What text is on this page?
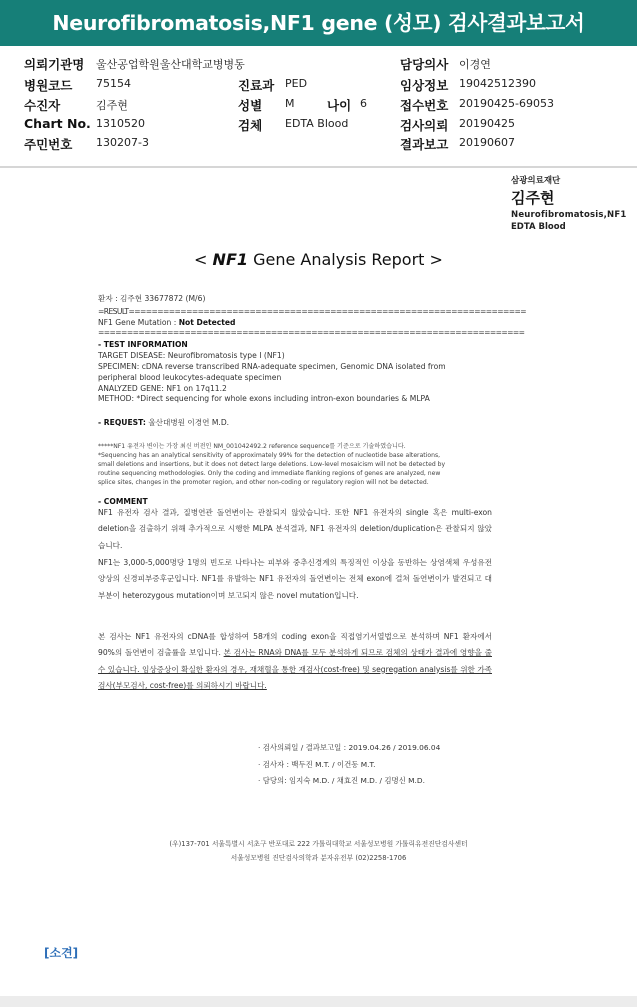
Neurofibromatosis,NF1 gene (성모) 검사결과보고서
의뢰기관명 울산공업학원울산대학교병병동	담당의사 이경연
병원코드 75154	진료과 PED	임상정보 19042512390
수진자	김주현	성별 M	나이 6	접수번호 20190425-69053
Chart No. 1310520	검체 EDTA Blood	검사의뢰 20190425
주민번호 130207-3	결과보고 20190607
삼광의료재단
김주현
Neurofibromatosis,NF1
EDTA Blood
< NF1 Gene Analysis Report >
환자 : 김주현 33677872 (M/6)
=RESULT=====================================================================
NF1 Gene Mutation : Not Detected
==========================================================================
- TEST INFORMATION
TARGET DISEASE: Neurofibromatosis type I (NF1)
SPECIMEN: cDNA reverse transcribed RNA-adequate specimen, Genomic DNA isolated from
peripheral blood leukocytes-adequate specimen
ANALYZED GENE: NF1 on 17q11.2
METHOD: *Direct sequencing for whole exons including intron-exon boundaries & MLPA
- REQUEST: 울산대병원 이경연 M.D.
*****NF1 유전자 변이는 가장 최신 버전인 NM_001042492.2 reference sequence를 기준으로 기술하였습니다.
*Sequencing has an analytical sensitivity of approximately 99% for the detection of nucleotide base alterations,
small deletions and insertions, but it does not detect large deletions. Low-level mosaicism will not be detected by
routine sequencing methodologies. Only the coding and immediate flanking regions of genes are analyzed, new
splice sites, changes in the promoter region, and other non-coding or regulatory region will not be detected.
- COMMENT

NF1 유전자 검사 결과, 질병연관 돌연변이는 관찰되지 않았습니다. 또한 NF1 유전자의 single 혹은 multi-exon deletion을 검출하기 위해 추가적으로 시행한 MLPA 분석결과, NF1 유전자의 deletion/duplication은 관찰되지 않았습니다.

NF1는 3,000-5,000명당 1명의 빈도로 나타나는 피부와 중추신경계의 특징적인 이상을 동반하는 상염색체 우성유전 양상의 신경피부증후군입니다. NF1를 유발하는 NF1 유전자의 돌연변이는 전체 exon에 걸쳐 돌연변이가 발견되고 대부분이 heterozygous mutation이며 보고되지 않은 novel mutation입니다.

본 검사는 NF1 유전자의 cDNA를 합성하여 58개의 coding exon을 직접염기서열법으로 분석하며 NF1 환자에서 90%의 돌연변이 검출률을 보입니다. 본 검사는 RNA와 DNA를 모두 분석하게 되므로 검체의 상태가 결과에 영향을 줄 수 있습니다. 임상증상이 확실한 환자의 경우, 재채혈을 통한 재검사(cost-free) 및 segregation analysis를 위한 가족검사(부모검사, cost-free)를 의뢰하시기 바랍니다.

· 검사의뢰일 / 결과보고일 : 2019.04.26 / 2019.06.04
· 검사자 : 백두진 M.T. / 이건동 M.T.
· 담당의: 임지숙 M.D. / 채효진 M.D. / 김명신 M.D.
(우)137-701 서울특별시 서초구 반포대로 222 가톨릭대학교 서울성모병원 가톨릭유전진단검사센터
서울성모병원 진단검사의학과 분자유전부 (02)2258-1706
[소견]
